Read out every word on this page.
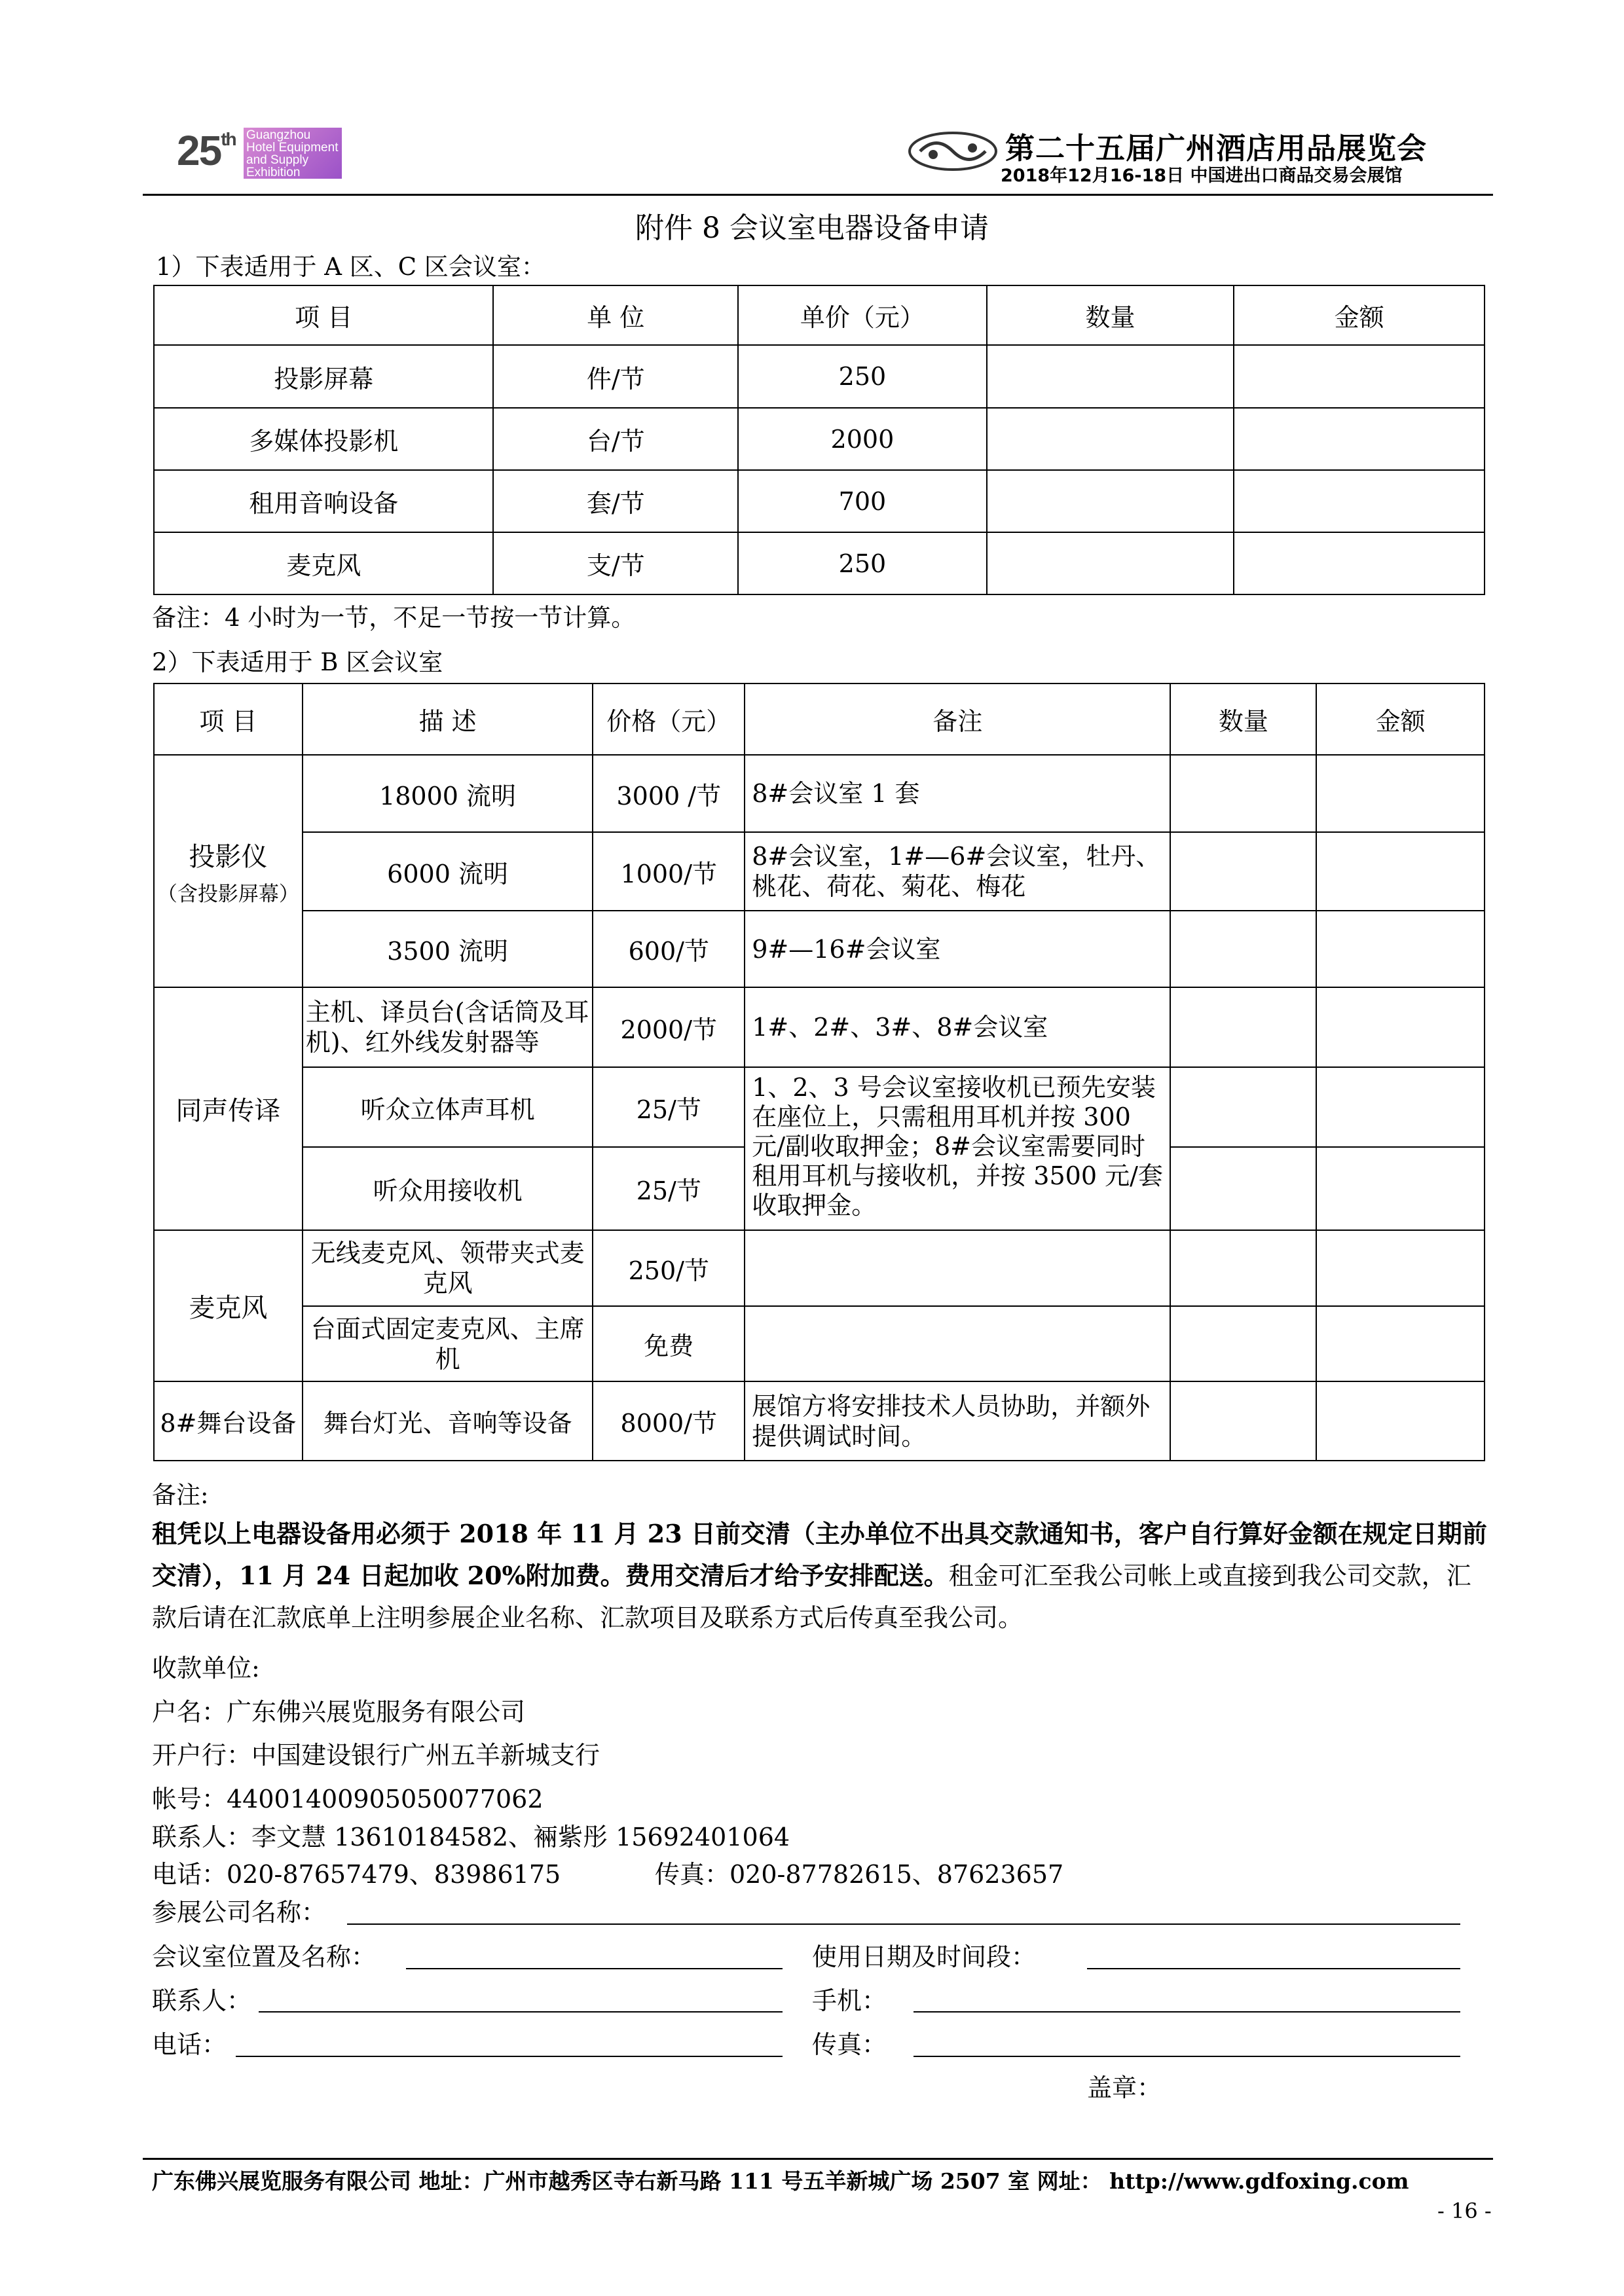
25th Guangzhou
Hotel Equipment
and Supply Exhibition
第二十五届广州酒店用品展览会
2018年12月16-18日 中国进出口商品交易会展馆
附件 8 会议室电器设备申请
1）下表适用于 A 区、C 区会议室：
项 目	单 位	单价（元）	数量	金额
投影屏幕	件/节	250		
多媒体投影机	台/节	2000		
租用音响设备	套/节	700		
麦克风	支/节	250		
备注：4 小时为一节，不足一节按一节计算。
2）下表适用于 B 区会议室
项 目	描 述	价格（元）	备注	数量	金额

投影仪
（含投影屏幕）	18000 流明	3000 /节	8#会议室 1 套		
	6000 流明	1000/节	8#会议室，1#—6#会议室，牡丹、桃花、荷花、菊花、梅花		
	3500 流明	600/节	9#—16#会议室		
同声传译	主机、译员台(含话筒及耳机)、红外线发射器等	2000/节	1#、2#、3#、8#会议室		
	听众立体声耳机	25/节	1、2、3 号会议室接收机已预先安装在座位上，只需租用耳机并按 300 元/副收取押金；8#会议室需要同时租用耳机与接收机，并按 3500 元/套收取押金。		
	听众用接收机	25/节			
麦克风	无线麦克风、领带夹式麦克风	250/节			
	台面式固定麦克风、主席机	免费			
8#舞台设备	舞台灯光、音响等设备	8000/节	展馆方将安排技术人员协助，并额外提供调试时间。		
备注:
租凭以上电器设备用必须于 2018 年 11 月 23 日前交清（主办单位不出具交款通知书，客户自行算好金额在规定日期前交清），11 月 24 日起加收 20%附加费。费用交清后才给予安排配送。租金可汇至我公司帐上或直接到我公司交款，汇款后请在汇款底单上注明参展企业名称、汇款项目及联系方式后传真至我公司。
收款单位:
户名：广东佛兴展览服务有限公司
开户行：中国建设银行广州五羊新城支行
帐号：44001400905050077062
联系人：李文慧 13610184582、裲紫彤 15692401064
电话：020-87657479、83986175	传真：020-87782615、87623657
参展公司名称：
会议室位置及名称：	使用日期及时间段：
联系人：	手机：
电话：	传真：
盖章：
广东佛兴展览服务有限公司 地址：广州市越秀区寺右新马路 111 号五羊新城广场 2507 室 网址： http://www.gdfoxing.com
- 16 -
